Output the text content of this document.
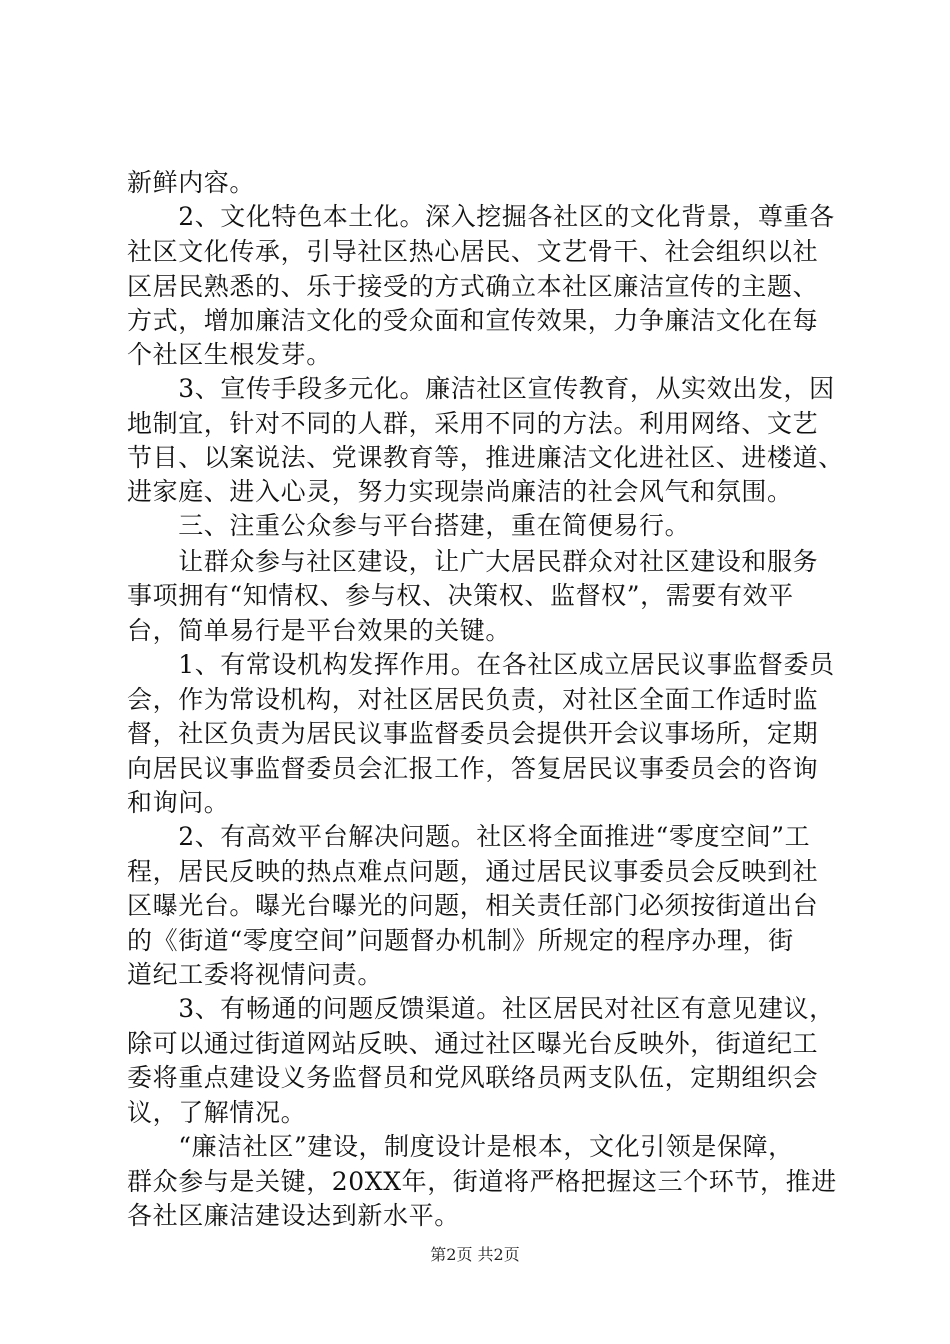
新鲜内容。
　　2、文化特色本土化。深入挖掘各社区的文化背景，尊重各
社区文化传承，引导社区热心居民、文艺骨干、社会组织以社
区居民熟悉的、乐于接受的方式确立本社区廉洁宣传的主题、
方式，增加廉洁文化的受众面和宣传效果，力争廉洁文化在每
个社区生根发芽。
　　3、宣传手段多元化。廉洁社区宣传教育，从实效出发，因
地制宜，针对不同的人群，采用不同的方法。利用网络、文艺
节目、以案说法、党课教育等，推进廉洁文化进社区、进楼道、
进家庭、进入心灵，努力实现崇尚廉洁的社会风气和氛围。
　　三、注重公众参与平台搭建，重在简便易行。
　　让群众参与社区建设，让广大居民群众对社区建设和服务
事项拥有“知情权、参与权、决策权、监督权”，需要有效平
台，简单易行是平台效果的关键。
　　1、有常设机构发挥作用。在各社区成立居民议事监督委员
会，作为常设机构，对社区居民负责，对社区全面工作适时监
督，社区负责为居民议事监督委员会提供开会议事场所，定期
向居民议事监督委员会汇报工作，答复居民议事委员会的咨询
和询问。
　　2、有高效平台解决问题。社区将全面推进“零度空间”工
程，居民反映的热点难点问题，通过居民议事委员会反映到社
区曝光台。曝光台曝光的问题，相关责任部门必须按街道出台
的《街道“零度空间”问题督办机制》所规定的程序办理，街
道纪工委将视情问责。
　　3、有畅通的问题反馈渠道。社区居民对社区有意见建议，
除可以通过街道网站反映、通过社区曝光台反映外，街道纪工
委将重点建设义务监督员和党风联络员两支队伍，定期组织会
议，了解情况。
　　“廉洁社区”建设，制度设计是根本，文化引领是保障，
群众参与是关键，20XX年，街道将严格把握这三个环节，推进
各社区廉洁建设达到新水平。
第2页 共2页
